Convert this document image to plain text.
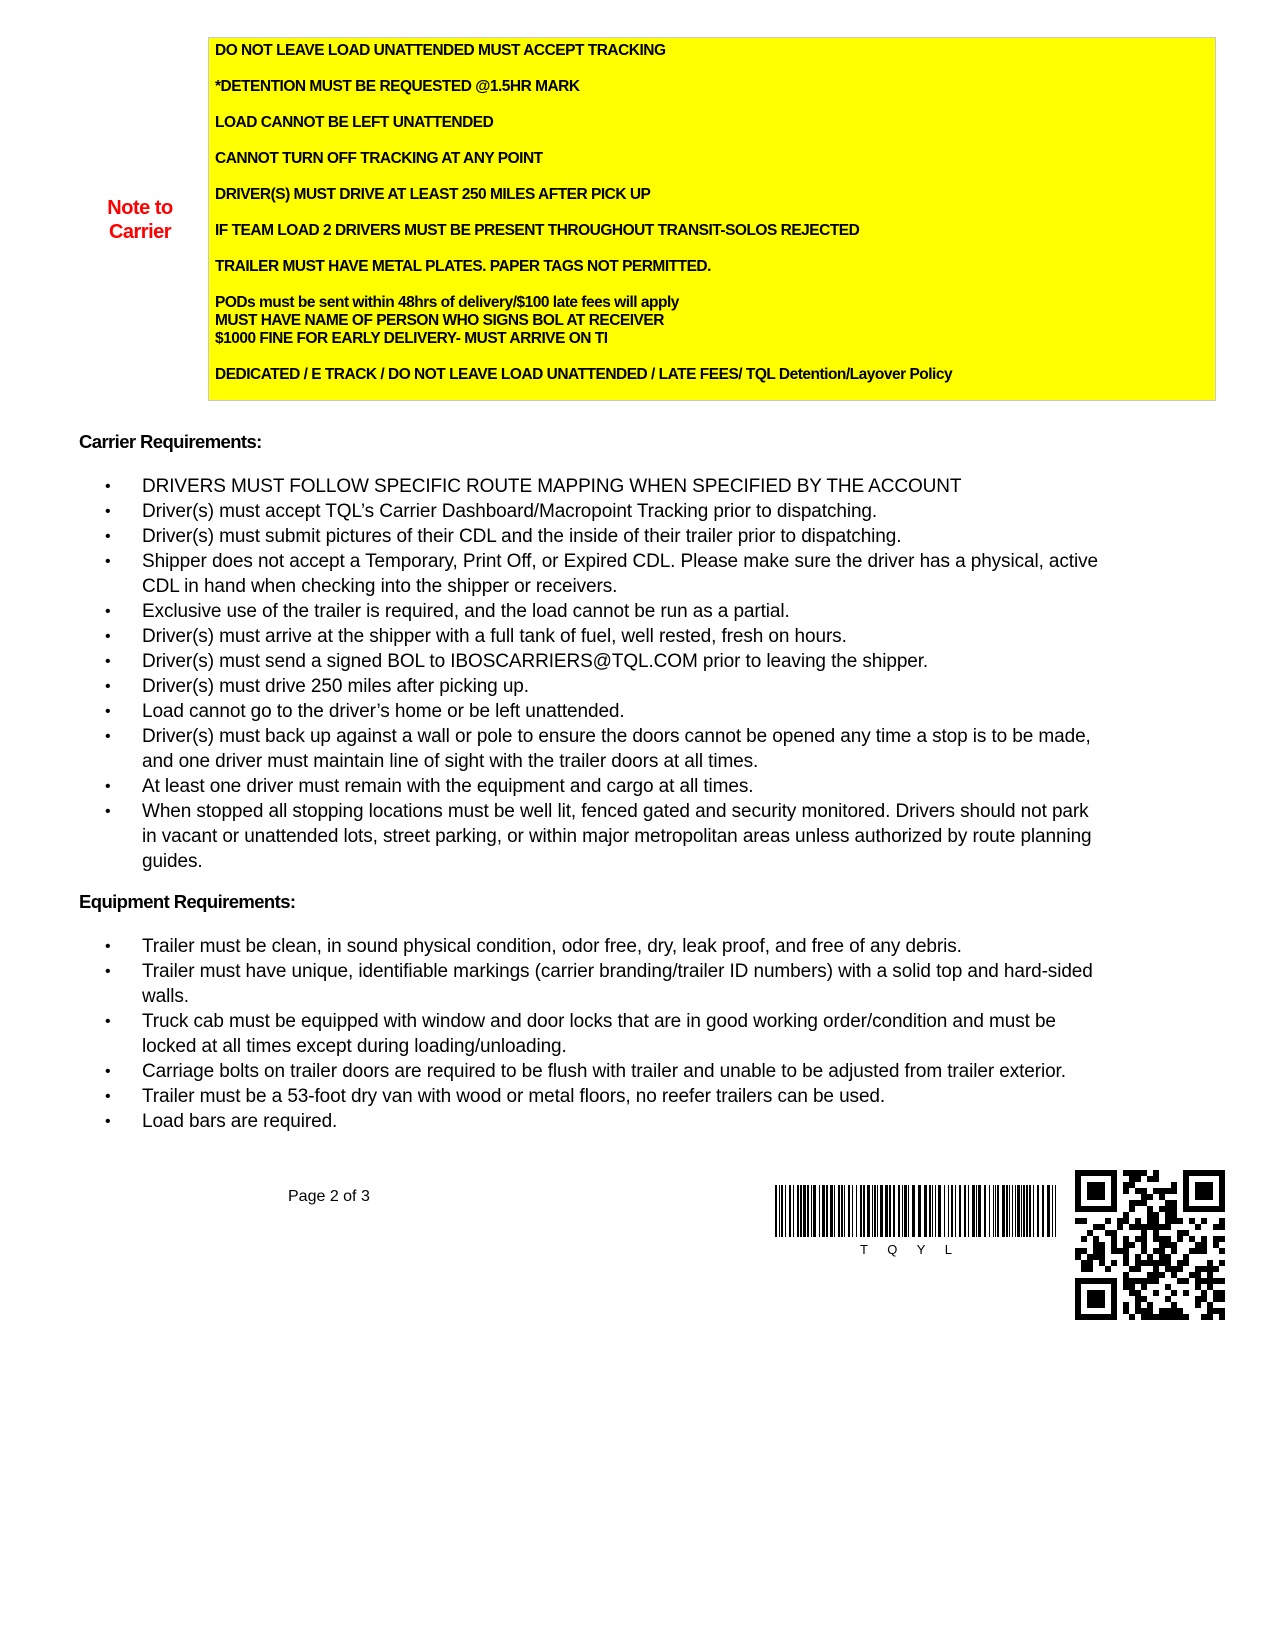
Note to
Carrier
DO NOT LEAVE LOAD UNATTENDED MUST ACCEPT TRACKING
*DETENTION MUST BE REQUESTED @1.5HR MARK
LOAD CANNOT BE LEFT UNATTENDED
CANNOT TURN OFF TRACKING AT ANY POINT
DRIVER(S) MUST DRIVE AT LEAST 250 MILES AFTER PICK UP
IF TEAM LOAD 2 DRIVERS MUST BE PRESENT THROUGHOUT TRANSIT-SOLOS REJECTED
TRAILER MUST HAVE METAL PLATES. PAPER TAGS NOT PERMITTED.
PODs must be sent within 48hrs of delivery/$100 late fees will apply
MUST HAVE NAME OF PERSON WHO SIGNS BOL AT RECEIVER
$1000 FINE FOR EARLY DELIVERY- MUST ARRIVE ON TI
DEDICATED / E TRACK / DO NOT LEAVE LOAD UNATTENDED / LATE FEES/ TQL Detention/Layover Policy
Carrier Requirements:
•	DRIVERS MUST FOLLOW SPECIFIC ROUTE MAPPING WHEN SPECIFIED BY THE ACCOUNT
•	Driver(s) must accept TQL’s Carrier Dashboard/Macropoint Tracking prior to dispatching.
•	Driver(s) must submit pictures of their CDL and the inside of their trailer prior to dispatching.
•	Shipper does not accept a Temporary, Print Off, or Expired CDL. Please make sure the driver has a physical, active CDL in hand when checking into the shipper or receivers.
•	Exclusive use of the trailer is required, and the load cannot be run as a partial.
•	Driver(s) must arrive at the shipper with a full tank of fuel, well rested, fresh on hours.
•	Driver(s) must send a signed BOL to IBOSCARRIERS@TQL.COM prior to leaving the shipper.
•	Driver(s) must drive 250 miles after picking up.
•	Load cannot go to the driver’s home or be left unattended.
•	Driver(s) must back up against a wall or pole to ensure the doors cannot be opened any time a stop is to be made, and one driver must maintain line of sight with the trailer doors at all times.
•	At least one driver must remain with the equipment and cargo at all times.
•	When stopped all stopping locations must be well lit, fenced gated and security monitored. Drivers should not park in vacant or unattended lots, street parking, or within major metropolitan areas unless authorized by route planning guides.
Equipment Requirements:
•	Trailer must be clean, in sound physical condition, odor free, dry, leak proof, and free of any debris.
•	Trailer must have unique, identifiable markings (carrier branding/trailer ID numbers) with a solid top and hard-sided walls.
•	Truck cab must be equipped with window and door locks that are in good working order/condition and must be locked at all times except during loading/unloading.
•	Carriage bolts on trailer doors are required to be flush with trailer and unable to be adjusted from trailer exterior.
•	Trailer must be a 53-foot dry van with wood or metal floors, no reefer trailers can be used.
•	Load bars are required.
Page 2 of 3
T Q Y L
